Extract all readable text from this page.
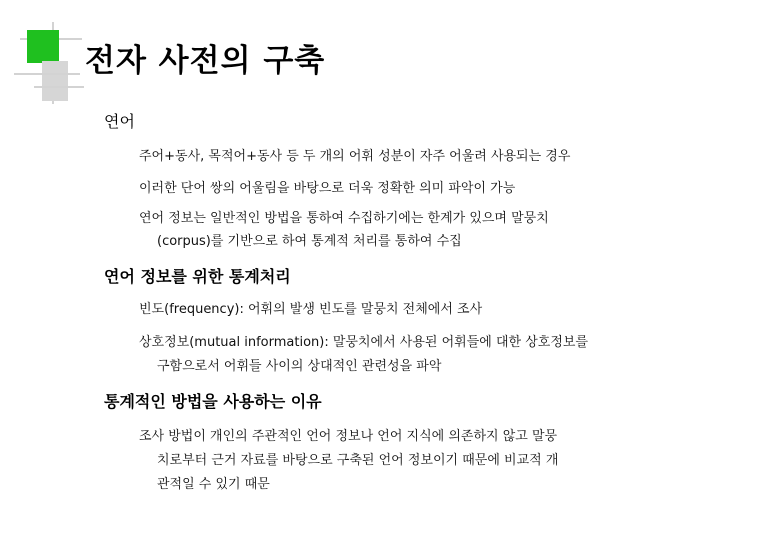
전자 사전의 구축
연어
주어+동사, 목적어+동사 등 두 개의 어휘 성분이 자주 어울려 사용되는 경우
이러한 단어 쌍의 어울림을 바탕으로 더욱 정확한 의미 파악이 가능
연어 정보는 일반적인 방법을 통하여 수집하기에는 한계가 있으며 말뭉치
(corpus)를 기반으로 하여 통계적 처리를 통하여 수집
연어 정보를 위한 통계처리
빈도(frequency): 어휘의 발생 빈도를 말뭉치 전체에서 조사
상호정보(mutual information): 말뭉치에서 사용된 어휘들에 대한 상호정보를
구함으로서 어휘들 사이의 상대적인 관련성을 파악
통계적인 방법을 사용하는 이유
조사 방법이 개인의 주관적인 언어 정보나 언어 지식에 의존하지 않고 말뭉
치로부터 근거 자료를 바탕으로 구축된 언어 정보이기 때문에 비교적 개
관적일 수 있기 때문
